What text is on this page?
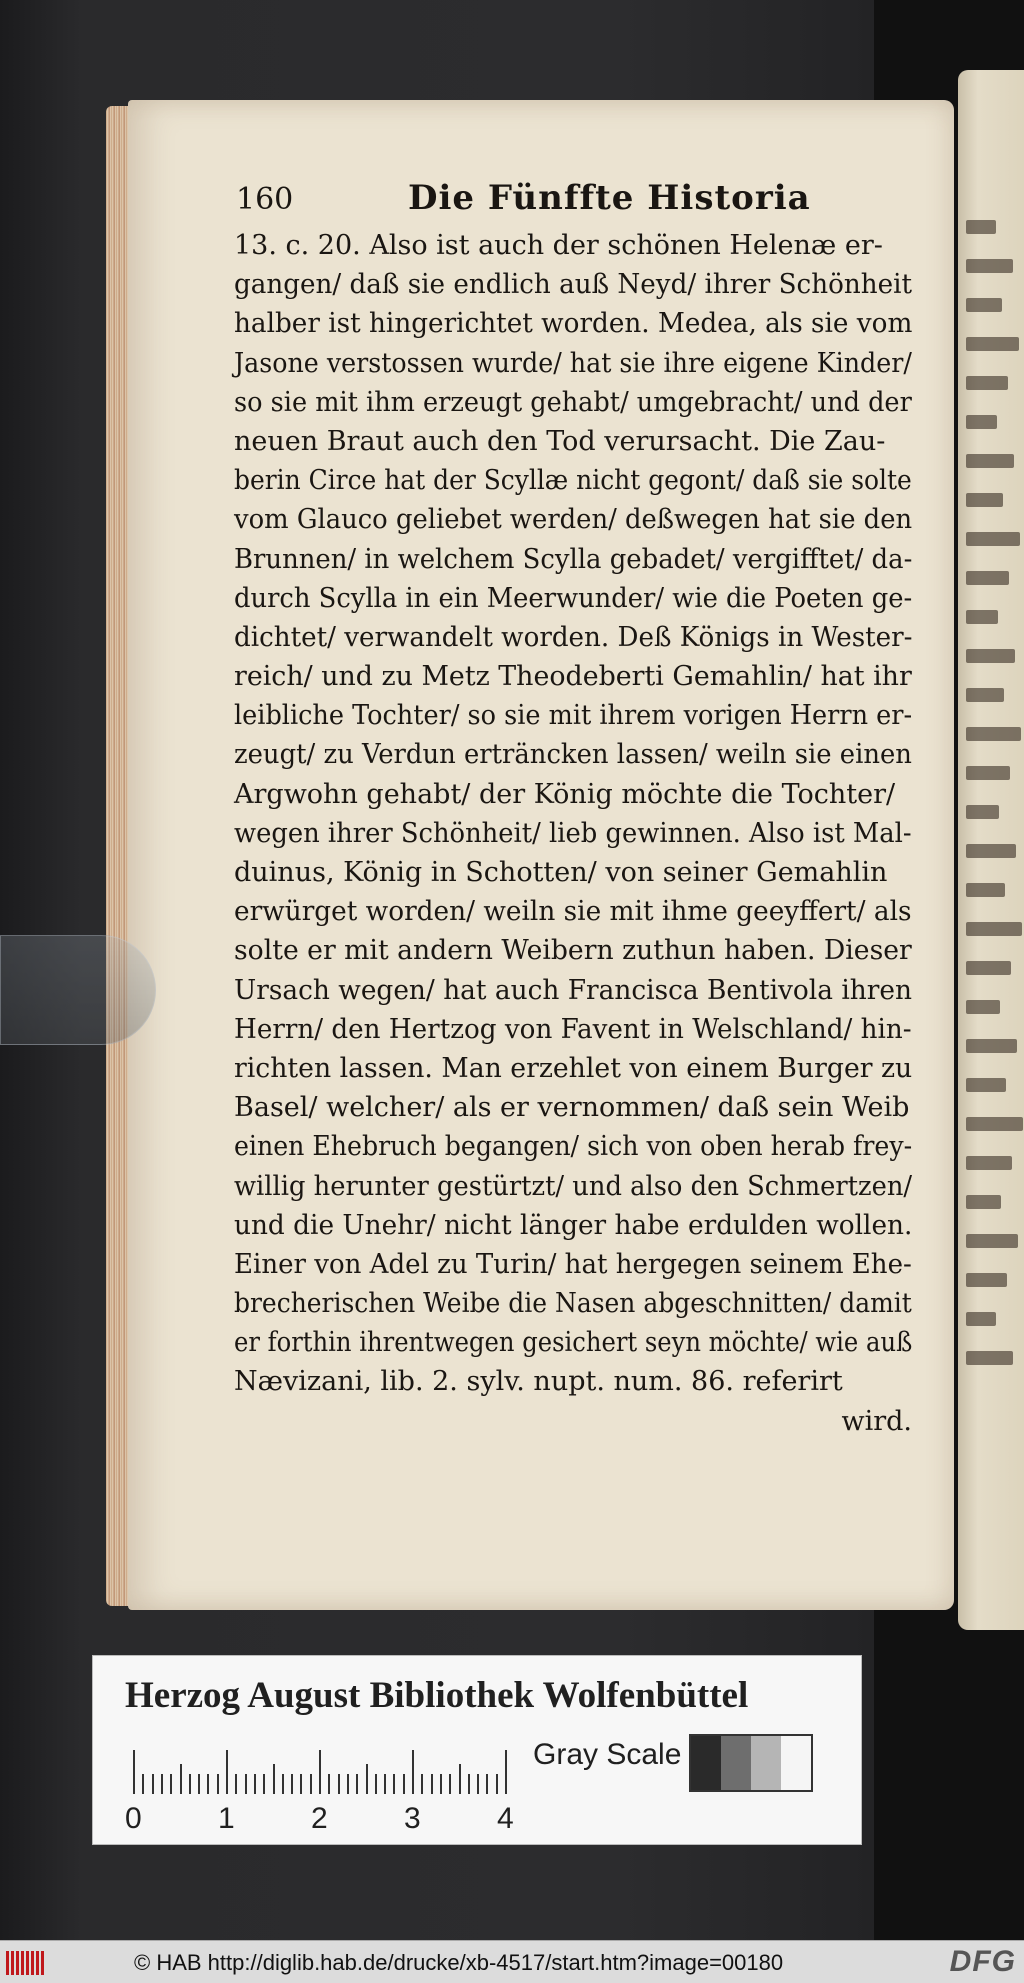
160	Die Fünffte Historia
13. c. 20. Also ist auch der schönen Helenæ er-
gangen/ daß sie endlich auß Neyd/ ihrer Schönheit
halber ist hingerichtet worden. Medea, als sie vom
Jasone verstossen wurde/ hat sie ihre eigene Kinder/
so sie mit ihm erzeugt gehabt/ umgebracht/ und der
neuen Braut auch den Tod verursacht. Die Zau-
berin Circe hat der Scyllæ nicht gegont/ daß sie solte
vom Glauco geliebet werden/ deßwegen hat sie den
Brunnen/ in welchem Scylla gebadet/ vergifftet/ da-
durch Scylla in ein Meerwunder/ wie die Poeten ge-
dichtet/ verwandelt worden. Deß Königs in Wester-
reich/ und zu Metz Theodeberti Gemahlin/ hat ihr
leibliche Tochter/ so sie mit ihrem vorigen Herrn er-
zeugt/ zu Verdun erträncken lassen/ weiln sie einen
Argwohn gehabt/ der König möchte die Tochter/
wegen ihrer Schönheit/ lieb gewinnen. Also ist Mal-
duinus, König in Schotten/ von seiner Gemahlin
erwürget worden/ weiln sie mit ihme geeyffert/ als
solte er mit andern Weibern zuthun haben. Dieser
Ursach wegen/ hat auch Francisca Bentivola ihren
Herrn/ den Hertzog von Favent in Welschland/ hin-
richten lassen. Man erzehlet von einem Burger zu
Basel/ welcher/ als er vernommen/ daß sein Weib
einen Ehebruch begangen/ sich von oben herab frey-
willig herunter gestürtzt/ und also den Schmertzen/
und die Unehr/ nicht länger habe erdulden wollen.
Einer von Adel zu Turin/ hat hergegen seinem Ehe-
brecherischen Weibe die Nasen abgeschnitten/ damit
er forthin ihrentwegen gesichert seyn möchte/ wie auß
Nævizani, lib. 2. sylv. nupt. num. 86. referirt
wird.
Herzog August Bibliothek Wolfenbüttel
0	1	2	3	4
Gray Scale
© HAB http://diglib.hab.de/drucke/xb-4517/start.htm?image=00180	DFG
